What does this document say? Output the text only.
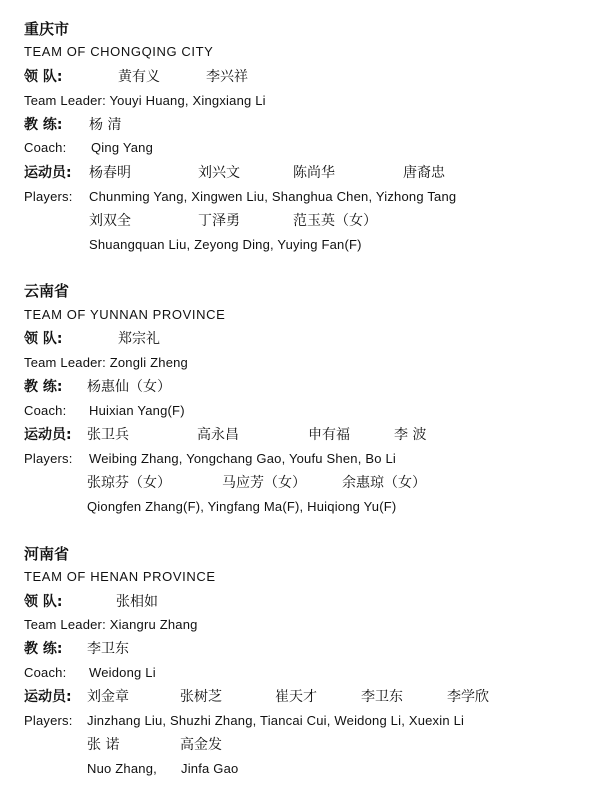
重庆市
TEAM OF CHONGQING CITY
领 队:	黄有义	李兴祥
Team Leader: Youyi Huang, Xingxiang Li
教 练: 杨 清
Coach: Qing Yang
运动员: 杨春明	刘兴文	陈尚华	唐裔忠
Players: Chunming Yang, Xingwen Liu, Shanghua Chen, Yizhong Tang
刘双全	丁泽勇	范玉英（女）
Shuangquan Liu, Zeyong Ding, Yuying Fan(F)
云南省
TEAM OF YUNNAN PROVINCE
领 队:	郑宗礼
Team Leader: Zongli Zheng
教 练: 杨惠仙（女）
Coach: Huixian Yang(F)
运动员: 张卫兵	高永昌	申有福	李 波
Players: Weibing Zhang, Yongchang Gao, Youfu Shen, Bo Li
张琼芬（女）	马应芳（女）	余惠琼（女）
Qiongfen Zhang(F), Yingfang Ma(F), Huiqiong Yu(F)
河南省
TEAM OF HENAN PROVINCE
领 队:	张相如
Team Leader: Xiangru Zhang
教 练: 李卫东
Coach: Weidong Li
运动员: 刘金章	张树芝	崔天才	李卫东	李学欣
Players: Jinzhang Liu, Shuzhi Zhang, Tiancai Cui, Weidong Li, Xuexin Li
张 诺	高金发
Nuo Zhang, Jinfa Gao
